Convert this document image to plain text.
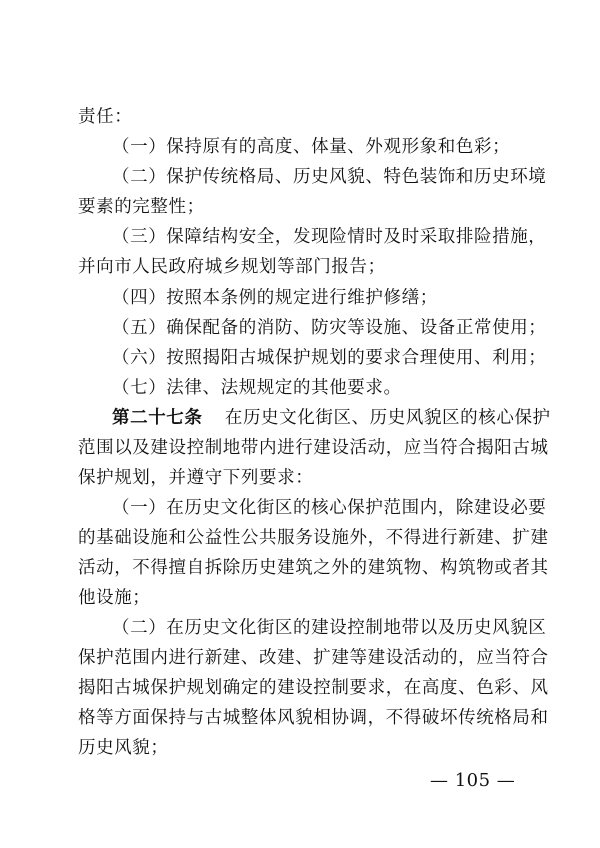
责任：
（一）保持原有的高度、体量、外观形象和色彩；
（二）保护传统格局、历史风貌、特色装饰和历史环境
要素的完整性；
（三）保障结构安全，发现险情时及时采取排险措施，
并向市人民政府城乡规划等部门报告；
（四）按照本条例的规定进行维护修缮；
（五）确保配备的消防、防灾等设施、设备正常使用；
（六）按照揭阳古城保护规划的要求合理使用、利用；
（七）法律、法规规定的其他要求。
第二十七条 在历史文化街区、历史风貌区的核心保护
范围以及建设控制地带内进行建设活动，应当符合揭阳古城
保护规划，并遵守下列要求：
（一）在历史文化街区的核心保护范围内，除建设必要
的基础设施和公益性公共服务设施外，不得进行新建、扩建
活动，不得擅自拆除历史建筑之外的建筑物、构筑物或者其
他设施；
（二）在历史文化街区的建设控制地带以及历史风貌区
保护范围内进行新建、改建、扩建等建设活动的，应当符合
揭阳古城保护规划确定的建设控制要求，在高度、色彩、风
格等方面保持与古城整体风貌相协调，不得破坏传统格局和
历史风貌；
— 105 —
